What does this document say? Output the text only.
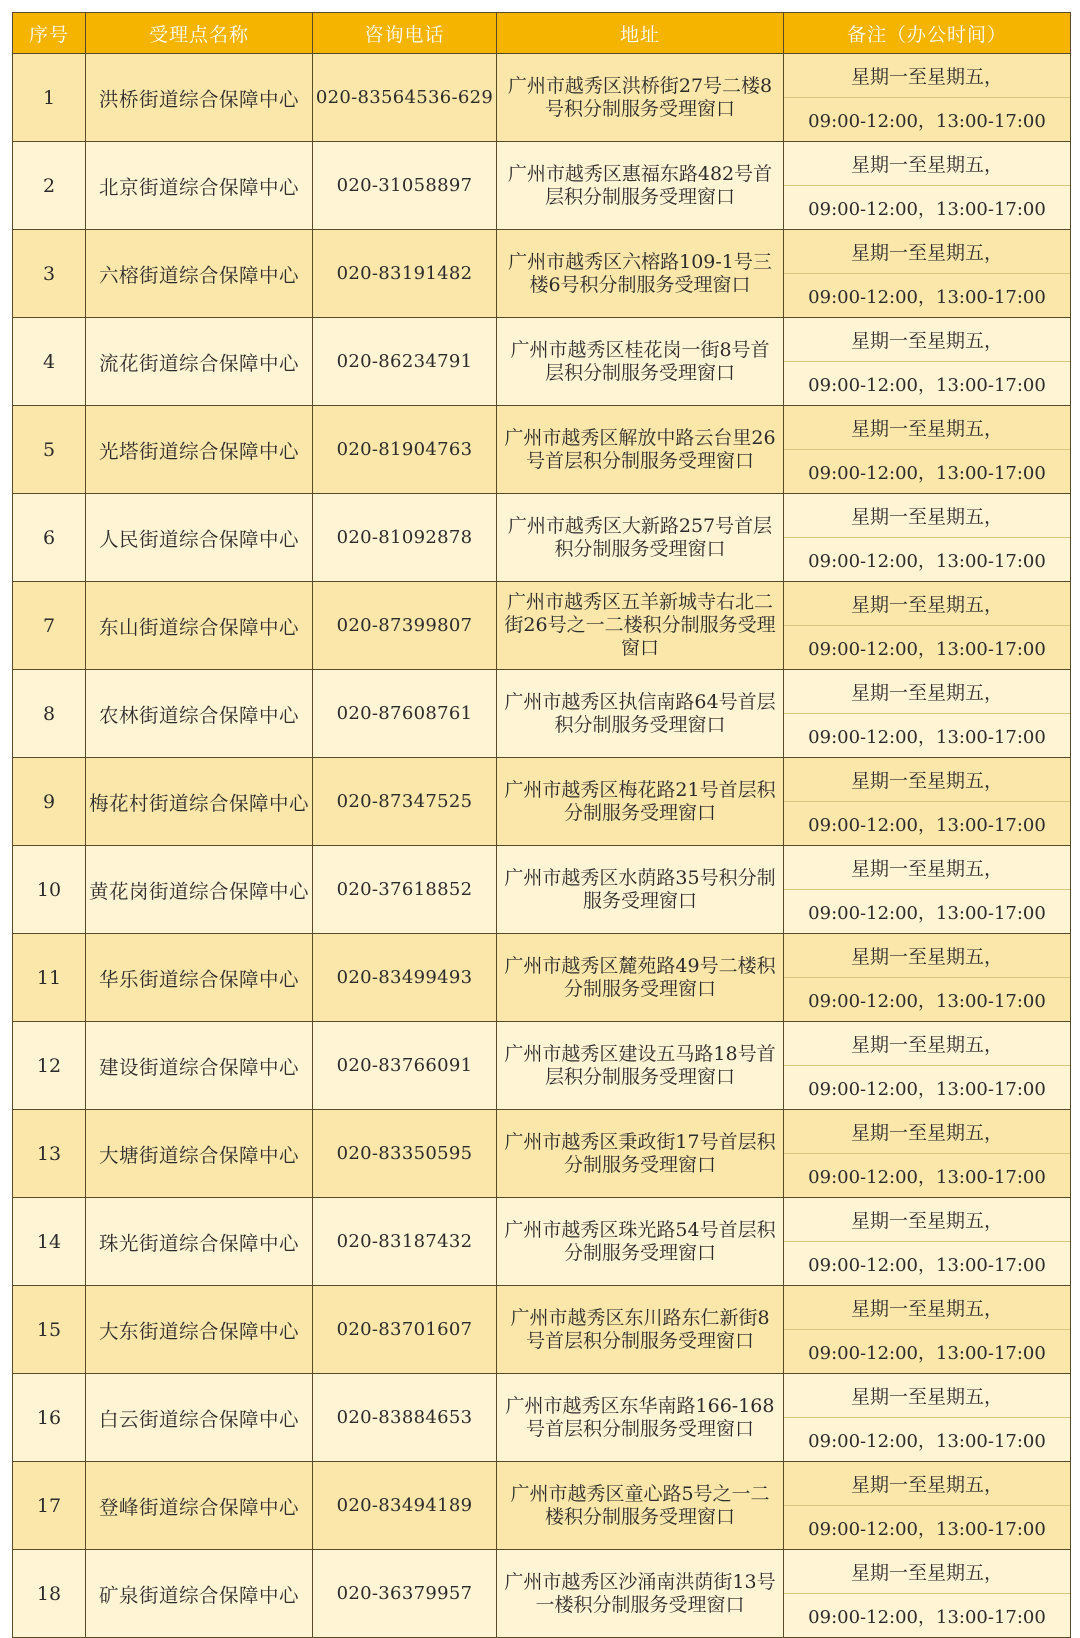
序号	受理点名称	咨询电话	地址	备注（办公时间）
1	洪桥街道综合保障中心	020-83564536-629	广州市越秀区洪桥街27号二楼8号积分制服务受理窗口	星期一至星期五，
09:00-12:00，13:00-17:00

2	北京街道综合保障中心	020-31058897	广州市越秀区惠福东路482号首层积分制服务受理窗口	星期一至星期五，
09:00-12:00，13:00-17:00

3	六榕街道综合保障中心	020-83191482	广州市越秀区六榕路109-1号三楼6号积分制服务受理窗口	星期一至星期五，
09:00-12:00，13:00-17:00

4	流花街道综合保障中心	020-86234791	广州市越秀区桂花岗一街8号首层积分制服务受理窗口	星期一至星期五，
09:00-12:00，13:00-17:00

5	光塔街道综合保障中心	020-81904763	广州市越秀区解放中路云台里26号首层积分制服务受理窗口	星期一至星期五，
09:00-12:00，13:00-17:00

6	人民街道综合保障中心	020-81092878	广州市越秀区大新路257号首层积分制服务受理窗口	星期一至星期五，
09:00-12:00，13:00-17:00

7	东山街道综合保障中心	020-87399807	广州市越秀区五羊新城寺右北二街26号之一二楼积分制服务受理窗口	星期一至星期五，
09:00-12:00，13:00-17:00

8	农林街道综合保障中心	020-87608761	广州市越秀区执信南路64号首层积分制服务受理窗口	星期一至星期五，
09:00-12:00，13:00-17:00

9	梅花村街道综合保障中心	020-87347525	广州市越秀区梅花路21号首层积分制服务受理窗口	星期一至星期五，
09:00-12:00，13:00-17:00

10	黄花岗街道综合保障中心	020-37618852	广州市越秀区水荫路35号积分制服务受理窗口	星期一至星期五，
09:00-12:00，13:00-17:00

11	华乐街道综合保障中心	020-83499493	广州市越秀区麓苑路49号二楼积分制服务受理窗口	星期一至星期五，
09:00-12:00，13:00-17:00

12	建设街道综合保障中心	020-83766091	广州市越秀区建设五马路18号首层积分制服务受理窗口	星期一至星期五，
09:00-12:00，13:00-17:00

13	大塘街道综合保障中心	020-83350595	广州市越秀区秉政街17号首层积分制服务受理窗口	星期一至星期五，
09:00-12:00，13:00-17:00

14	珠光街道综合保障中心	020-83187432	广州市越秀区珠光路54号首层积分制服务受理窗口	星期一至星期五，
09:00-12:00，13:00-17:00

15	大东街道综合保障中心	020-83701607	广州市越秀区东川路东仁新街8号首层积分制服务受理窗口	星期一至星期五，
09:00-12:00，13:00-17:00

16	白云街道综合保障中心	020-83884653	广州市越秀区东华南路166-168号首层积分制服务受理窗口	星期一至星期五，
09:00-12:00，13:00-17:00

17	登峰街道综合保障中心	020-83494189	广州市越秀区童心路5号之一二楼积分制服务受理窗口	星期一至星期五，
09:00-12:00，13:00-17:00

18	矿泉街道综合保障中心	020-36379957	广州市越秀区沙涌南洪荫街13号一楼积分制服务受理窗口	星期一至星期五，
09:00-12:00，13:00-17:00
